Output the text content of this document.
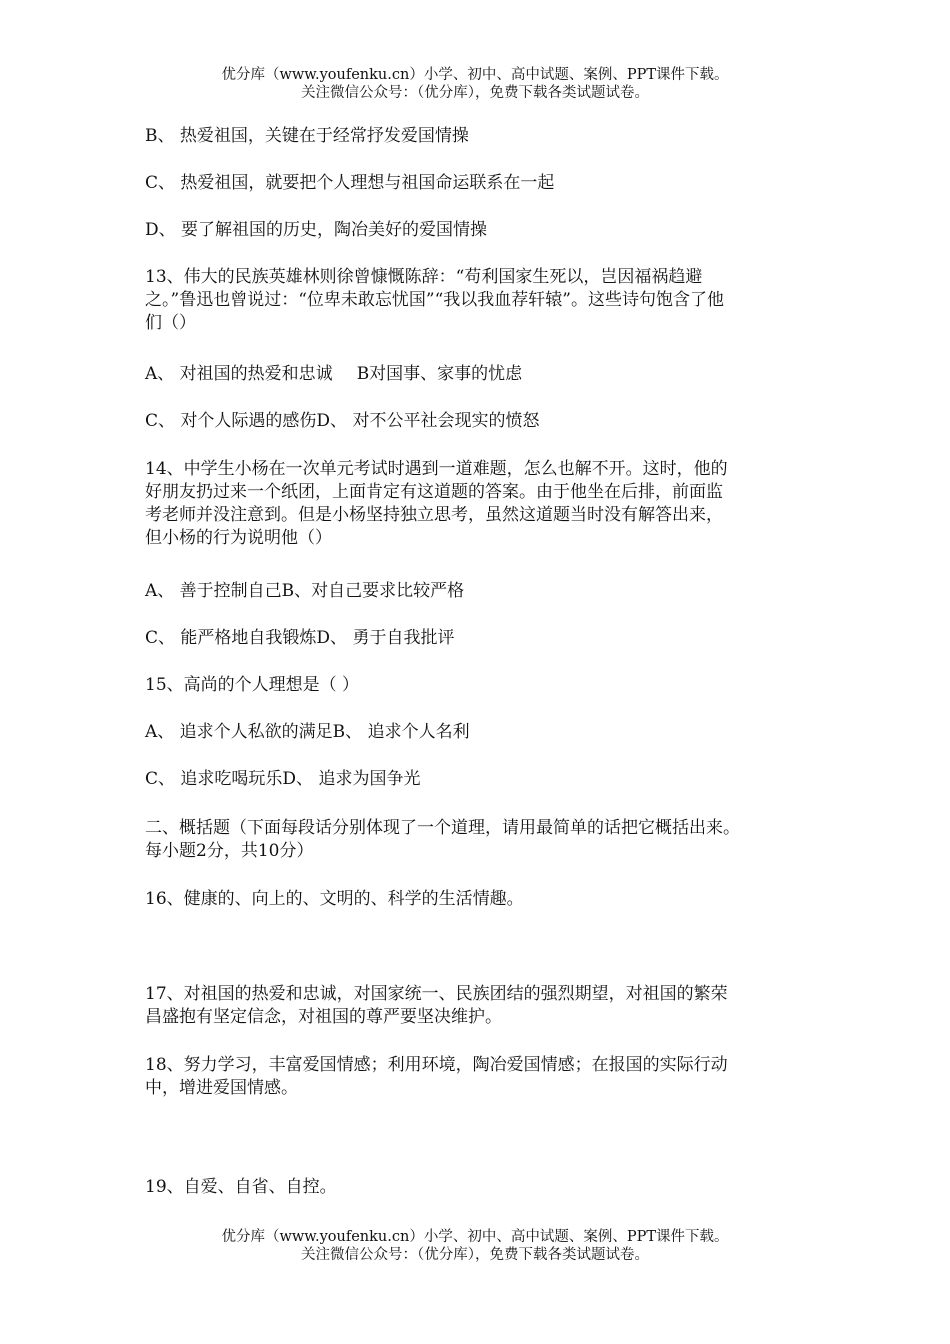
优分库（www.youfenku.cn）小学、初中、高中试题、案例、PPT课件下载。
关注微信公众号：（优分库），免费下载各类试题试卷。
B、 热爱祖国，关键在于经常抒发爱国情操
C、 热爱祖国，就要把个人理想与祖国命运联系在一起
D、 要了解祖国的历史，陶冶美好的爱国情操
13、伟大的民族英雄林则徐曾慷慨陈辞：“苟利国家生死以，岂因福祸趋避
之。”鲁迅也曾说过：“位卑未敢忘忧国”“我以我血荐轩辕”。这些诗句饱含了他
们（）
A、 对祖国的热爱和忠诚 B对国事、家事的忧虑
C、 对个人际遇的感伤D、 对不公平社会现实的愤怒
14、中学生小杨在一次单元考试时遇到一道难题，怎么也解不开。这时，他的
好朋友扔过来一个纸团，上面肯定有这道题的答案。由于他坐在后排，前面监
考老师并没注意到。但是小杨坚持独立思考，虽然这道题当时没有解答出来，
但小杨的行为说明他（）
A、 善于控制自己B、对自己要求比较严格
C、 能严格地自我锻炼D、 勇于自我批评
15、高尚的个人理想是（ ）
A、 追求个人私欲的满足B、 追求个人名利
C、 追求吃喝玩乐D、 追求为国争光
二、概括题（下面每段话分别体现了一个道理，请用最简单的话把它概括出来。
每小题2分，共10分）
16、健康的、向上的、文明的、科学的生活情趣。
17、对祖国的热爱和忠诚，对国家统一、民族团结的强烈期望，对祖国的繁荣
昌盛抱有坚定信念，对祖国的尊严要坚决维护。
18、努力学习，丰富爱国情感；利用环境，陶冶爱国情感；在报国的实际行动
中，增进爱国情感。
19、自爱、自省、自控。
优分库（www.youfenku.cn）小学、初中、高中试题、案例、PPT课件下载。
关注微信公众号：（优分库），免费下载各类试题试卷。
